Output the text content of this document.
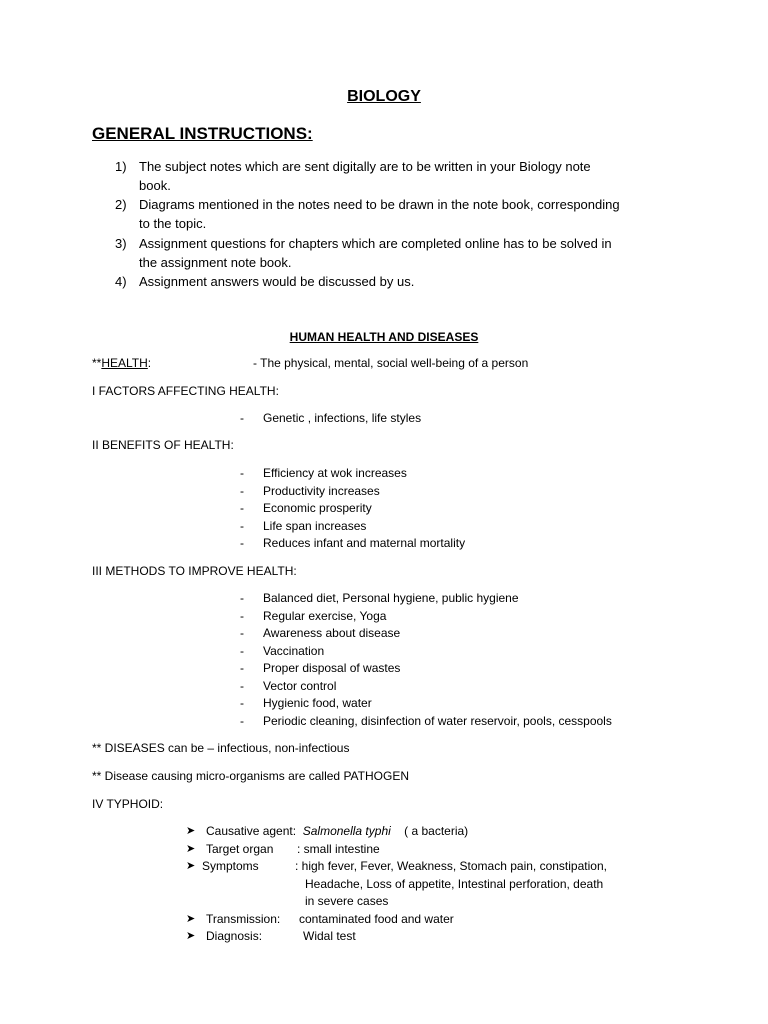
BIOLOGY
GENERAL INSTRUCTIONS:
1) The subject notes which are sent digitally are to be written in your Biology note
book.
2) Diagrams mentioned in the notes need to be drawn in the note book, corresponding
to the topic.
3) Assignment questions for chapters which are completed online has to be solved in
the assignment note book.
4) Assignment answers would be discussed by us.
HUMAN HEALTH AND DISEASES
**HEALTH:	- The physical, mental, social well-being of a person
I FACTORS AFFECTING HEALTH:
- Genetic , infections, life styles
II BENEFITS OF HEALTH:
- Efficiency at wok increases
- Productivity increases
- Economic prosperity
- Life span increases
- Reduces infant and maternal mortality
III METHODS TO IMPROVE HEALTH:
- Balanced diet, Personal hygiene, public hygiene
- Regular exercise, Yoga
- Awareness about disease
- Vaccination
- Proper disposal of wastes
- Vector control
- Hygienic food, water
- Periodic cleaning, disinfection of water reservoir, pools, cesspools
** DISEASES can be – infectious, non-infectious
** Disease causing micro-organisms are called PATHOGEN
IV TYPHOID:
➤ Causative agent: Salmonella typhi ( a bacteria)
➤ Target organ : small intestine
➤ Symptoms	: high fever, Fever, Weakness, Stomach pain, constipation,
Headache, Loss of appetite, Intestinal perforation, death
in severe cases
➤ Transmission: contaminated food and water
➤ Diagnosis:	Widal test
